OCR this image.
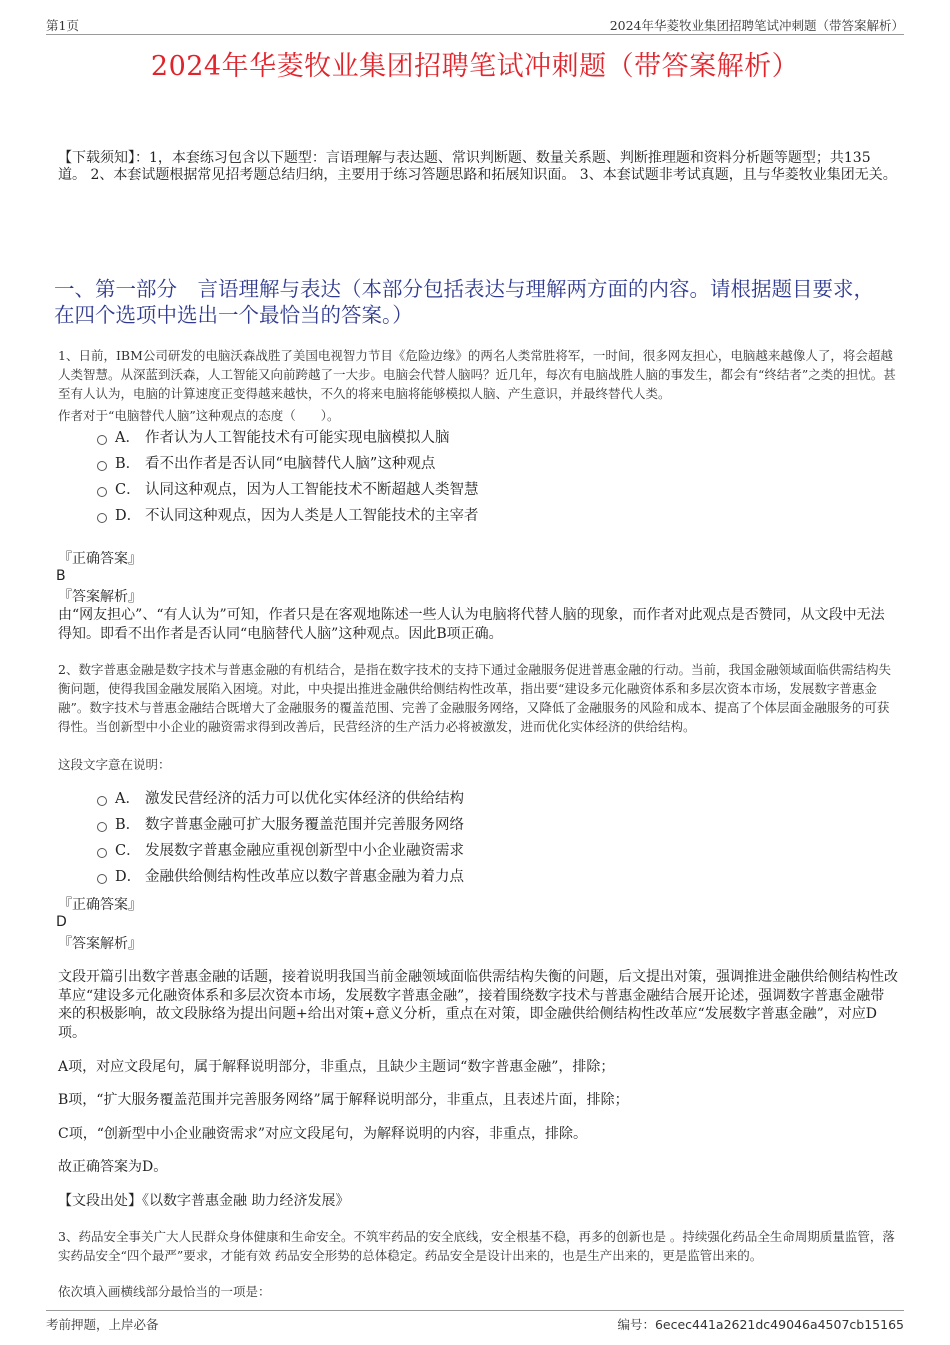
第1页	2024年华菱牧业集团招聘笔试冲刺题（带答案解析）
2024年华菱牧业集团招聘笔试冲刺题（带答案解析）
【下载须知】：1，本套练习包含以下题型：言语理解与表达题、常识判断题、数量关系题、判断推理题和资料分析题等题型；共135道。 2、本套试题根据常见招考题总结归纳，主要用于练习答题思路和拓展知识面。 3、本套试题非考试真题，且与华菱牧业集团无关。
一、第一部分　言语理解与表达（本部分包括表达与理解两方面的内容。请根据题目要求，在四个选项中选出一个最恰当的答案。）
1、日前，IBM公司研发的电脑沃森战胜了美国电视智力节目《危险边缘》的两名人类常胜将军，一时间，很多网友担心，电脑越来越像人了，将会超越人类智慧。从深蓝到沃森，人工智能又向前跨越了一大步。电脑会代替人脑吗？近几年，每次有电脑战胜人脑的事发生，都会有“终结者”之类的担忧。甚至有人认为，电脑的计算速度正变得越来越快，不久的将来电脑将能够模拟人脑、产生意识，并最终替代人类。
作者对于“电脑替代人脑”这种观点的态度（　　）。
A． 作者认为人工智能技术有可能实现电脑模拟人脑
B． 看不出作者是否认同“电脑替代人脑”这种观点
C． 认同这种观点，因为人工智能技术不断超越人类智慧
D． 不认同这种观点，因为人类是人工智能技术的主宰者
『正确答案』
B
『答案解析』
由“网友担心”、“有人认为”可知，作者只是在客观地陈述一些人认为电脑将代替人脑的现象，而作者对此观点是否赞同，从文段中无法得知。即看不出作者是否认同“电脑替代人脑”这种观点。因此B项正确。
2、数字普惠金融是数字技术与普惠金融的有机结合，是指在数字技术的支持下通过金融服务促进普惠金融的行动。当前，我国金融领域面临供需结构失衡问题，使得我国金融发展陷入困境。对此，中央提出推进金融供给侧结构性改革，指出要“建设多元化融资体系和多层次资本市场，发展数字普惠金融”。数字技术与普惠金融结合既增大了金融服务的覆盖范围、完善了金融服务网络，又降低了金融服务的风险和成本、提高了个体层面金融服务的可获得性。当创新型中小企业的融资需求得到改善后，民营经济的生产活力必将被激发，进而优化实体经济的供给结构。
这段文字意在说明：
A． 激发民营经济的活力可以优化实体经济的供给结构
B． 数字普惠金融可扩大服务覆盖范围并完善服务网络
C． 发展数字普惠金融应重视创新型中小企业融资需求
D． 金融供给侧结构性改革应以数字普惠金融为着力点
『正确答案』
D
『答案解析』
文段开篇引出数字普惠金融的话题，接着说明我国当前金融领域面临供需结构失衡的问题，后文提出对策，强调推进金融供给侧结构性改革应“建设多元化融资体系和多层次资本市场，发展数字普惠金融”，接着围绕数字技术与普惠金融结合展开论述，强调数字普惠金融带来的积极影响，故文段脉络为提出问题+给出对策+意义分析，重点在对策，即金融供给侧结构性改革应“发展数字普惠金融”，对应D项。
A项，对应文段尾句，属于解释说明部分，非重点，且缺少主题词“数字普惠金融”，排除；
B项，“扩大服务覆盖范围并完善服务网络”属于解释说明部分，非重点，且表述片面，排除；
C项，“创新型中小企业融资需求”对应文段尾句，为解释说明的内容，非重点，排除。
故正确答案为D。
【文段出处】《以数字普惠金融 助力经济发展》
3、药品安全事关广大人民群众身体健康和生命安全。不筑牢药品的安全底线，安全根基不稳，再多的创新也是 。持续强化药品全生命周期质量监管，落实药品安全“四个最严”要求，才能有效 药品安全形势的总体稳定。药品安全是设计出来的，也是生产出来的，更是监管出来的。
依次填入画横线部分最恰当的一项是：
考前押题，上岸必备	编号：6ecec441a2621dc49046a4507cb15165
